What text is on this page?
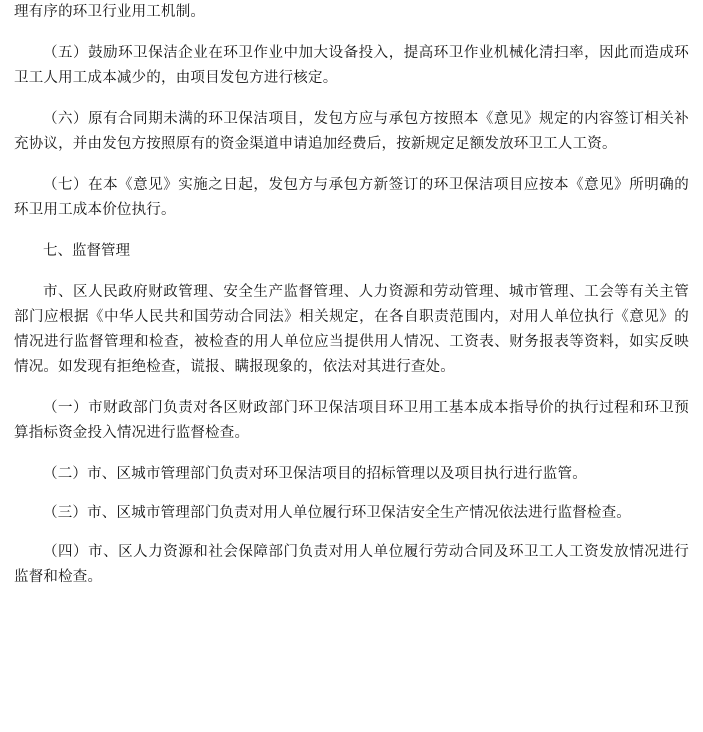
理有序的环卫行业用工机制。

（五）鼓励环卫保洁企业在环卫作业中加大设备投入，提高环卫作业机械化清扫率，因此而造成环卫工人用工成本减少的，由项目发包方进行核定。

（六）原有合同期未满的环卫保洁项目，发包方应与承包方按照本《意见》规定的内容签订相关补充协议，并由发包方按照原有的资金渠道申请追加经费后，按新规定足额发放环卫工人工资。

（七）在本《意见》实施之日起，发包方与承包方新签订的环卫保洁项目应按本《意见》所明确的环卫用工成本价位执行。

七、监督管理

市、区人民政府财政管理、安全生产监督管理、人力资源和劳动管理、城市管理、工会等有关主管部门应根据《中华人民共和国劳动合同法》相关规定，在各自职责范围内，对用人单位执行《意见》的情况进行监督管理和检查，被检查的用人单位应当提供用人情况、工资表、财务报表等资料，如实反映情况。如发现有拒绝检查，谎报、瞒报现象的，依法对其进行查处。

（一）市财政部门负责对各区财政部门环卫保洁项目环卫用工基本成本指导价的执行过程和环卫预算指标资金投入情况进行监督检查。

（二）市、区城市管理部门负责对环卫保洁项目的招标管理以及项目执行进行监管。

（三）市、区城市管理部门负责对用人单位履行环卫保洁安全生产情况依法进行监督检查。

（四）市、区人力资源和社会保障部门负责对用人单位履行劳动合同及环卫工人工资发放情况进行监督和检查。
